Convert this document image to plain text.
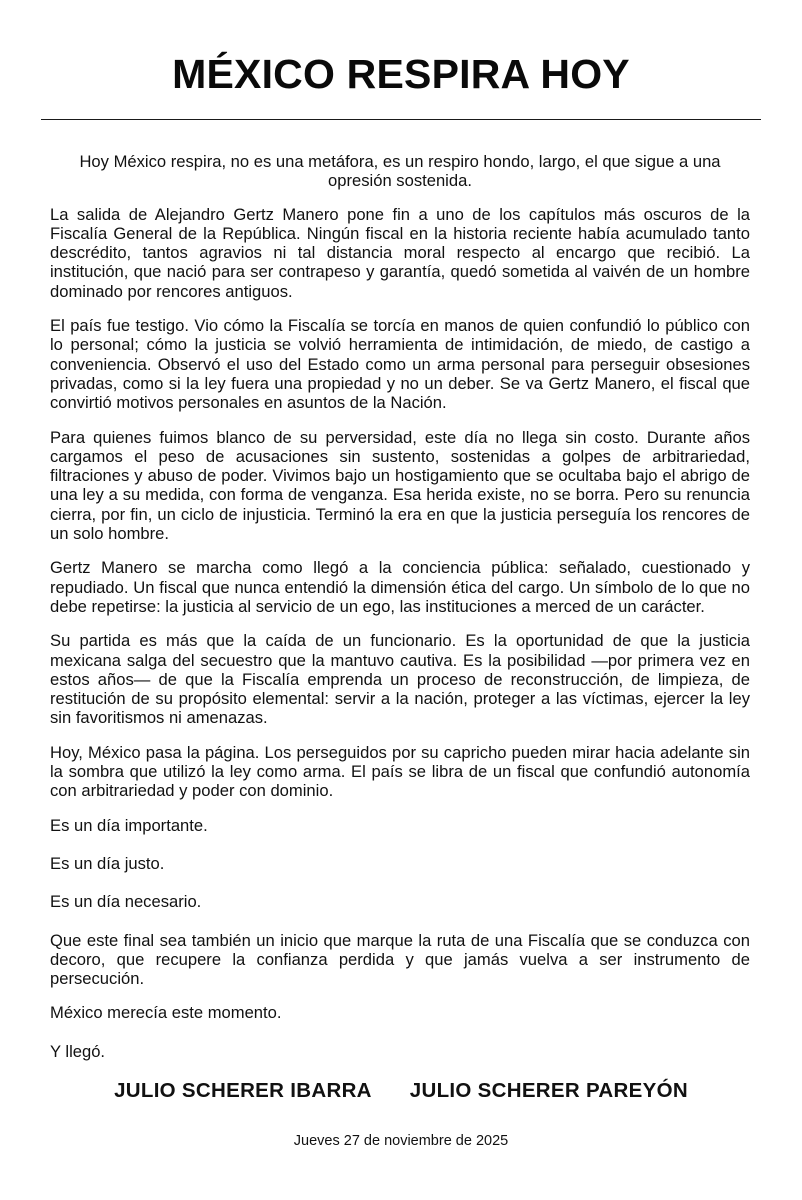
MÉXICO RESPIRA HOY

Hoy México respira, no es una metáfora, es un respiro hondo, largo, el que sigue a una opresión sostenida.

La salida de Alejandro Gertz Manero pone fin a uno de los capítulos más oscuros de la Fiscalía General de la República. Ningún fiscal en la historia reciente había acumulado tanto descrédito, tantos agravios ni tal distancia moral respecto al encargo que recibió. La institución, que nació para ser contrapeso y garantía, quedó sometida al vaivén de un hombre dominado por rencores antiguos.

El país fue testigo. Vio cómo la Fiscalía se torcía en manos de quien confundió lo público con lo personal; cómo la justicia se volvió herramienta de intimidación, de miedo, de castigo a conveniencia. Observó el uso del Estado como un arma personal para perseguir obsesiones privadas, como si la ley fuera una propiedad y no un deber. Se va Gertz Manero, el fiscal que convirtió motivos personales en asuntos de la Nación.

Para quienes fuimos blanco de su perversidad, este día no llega sin costo. Durante años cargamos el peso de acusaciones sin sustento, sostenidas a golpes de arbitrariedad, filtraciones y abuso de poder. Vivimos bajo un hostigamiento que se ocultaba bajo el abrigo de una ley a su medida, con forma de venganza. Esa herida existe, no se borra. Pero su renuncia cierra, por fin, un ciclo de injusticia. Terminó la era en que la justicia perseguía los rencores de un solo hombre.

Gertz Manero se marcha como llegó a la conciencia pública: señalado, cuestionado y repudiado. Un fiscal que nunca entendió la dimensión ética del cargo. Un símbolo de lo que no debe repetirse: la justicia al servicio de un ego, las instituciones a merced de un carácter.

Su partida es más que la caída de un funcionario. Es la oportunidad de que la justicia mexicana salga del secuestro que la mantuvo cautiva. Es la posibilidad —por primera vez en estos años— de que la Fiscalía emprenda un proceso de reconstrucción, de limpieza, de restitución de su propósito elemental: servir a la nación, proteger a las víctimas, ejercer la ley sin favoritismos ni amenazas.

Hoy, México pasa la página. Los perseguidos por su capricho pueden mirar hacia adelante sin la sombra que utilizó la ley como arma. El país se libra de un fiscal que confundió autonomía con arbitrariedad y poder con dominio.

Es un día importante.

Es un día justo.

Es un día necesario.

Que este final sea también un inicio que marque la ruta de una Fiscalía que se conduzca con decoro, que recupere la confianza perdida y que jamás vuelva a ser instrumento de persecución.

México merecía este momento.

Y llegó.

JULIO SCHERER IBARRA JULIO SCHERER PAREYÓN
Jueves 27 de noviembre de 2025
